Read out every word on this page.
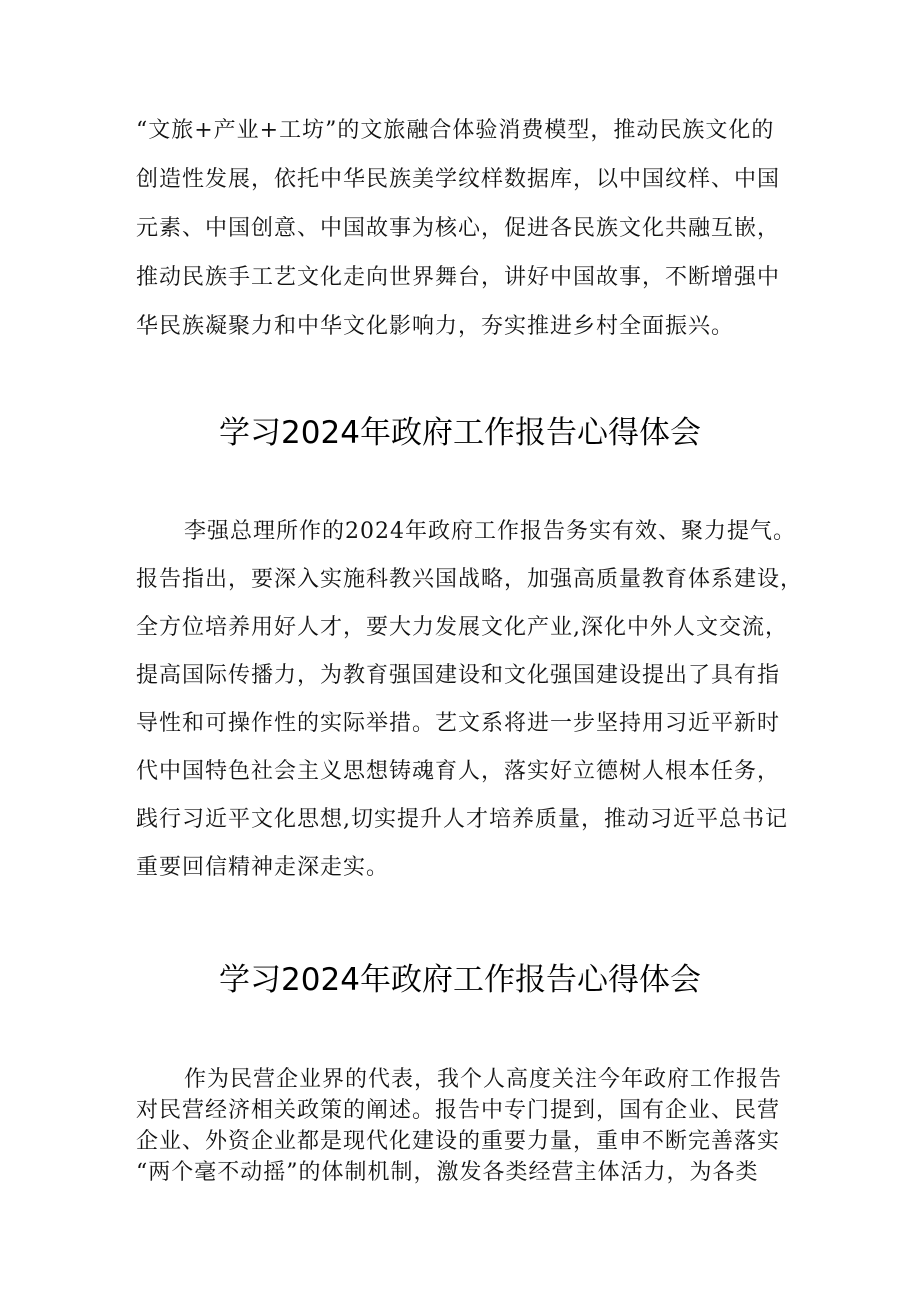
“文旅+产业+工坊”的文旅融合体验消费模型，推动民族文化的
创造性发展，依托中华民族美学纹样数据库，以中国纹样、中国
元素、中国创意、中国故事为核心，促进各民族文化共融互嵌，
推动民族手工艺文化走向世界舞台，讲好中国故事，不断增强中
华民族凝聚力和中华文化影响力，夯实推进乡村全面振兴。
学习2024年政府工作报告心得体会
李强总理所作的2024年政府工作报告务实有效、聚力提气。
报告指出，要深入实施科教兴国战略，加强高质量教育体系建设，
全方位培养用好人才，要大力发展文化产业,深化中外人文交流，
提高国际传播力，为教育强国建设和文化强国建设提出了具有指
导性和可操作性的实际举措。艺文系将进一步坚持用习近平新时
代中国特色社会主义思想铸魂育人，落实好立德树人根本任务，
践行习近平文化思想,切实提升人才培养质量，推动习近平总书记
重要回信精神走深走实。
学习2024年政府工作报告心得体会
作为民营企业界的代表，我个人高度关注今年政府工作报告
对民营经济相关政策的阐述。报告中专门提到，国有企业、民营
企业、外资企业都是现代化建设的重要力量，重申不断完善落实
“两个毫不动摇”的体制机制，激发各类经营主体活力，为各类
